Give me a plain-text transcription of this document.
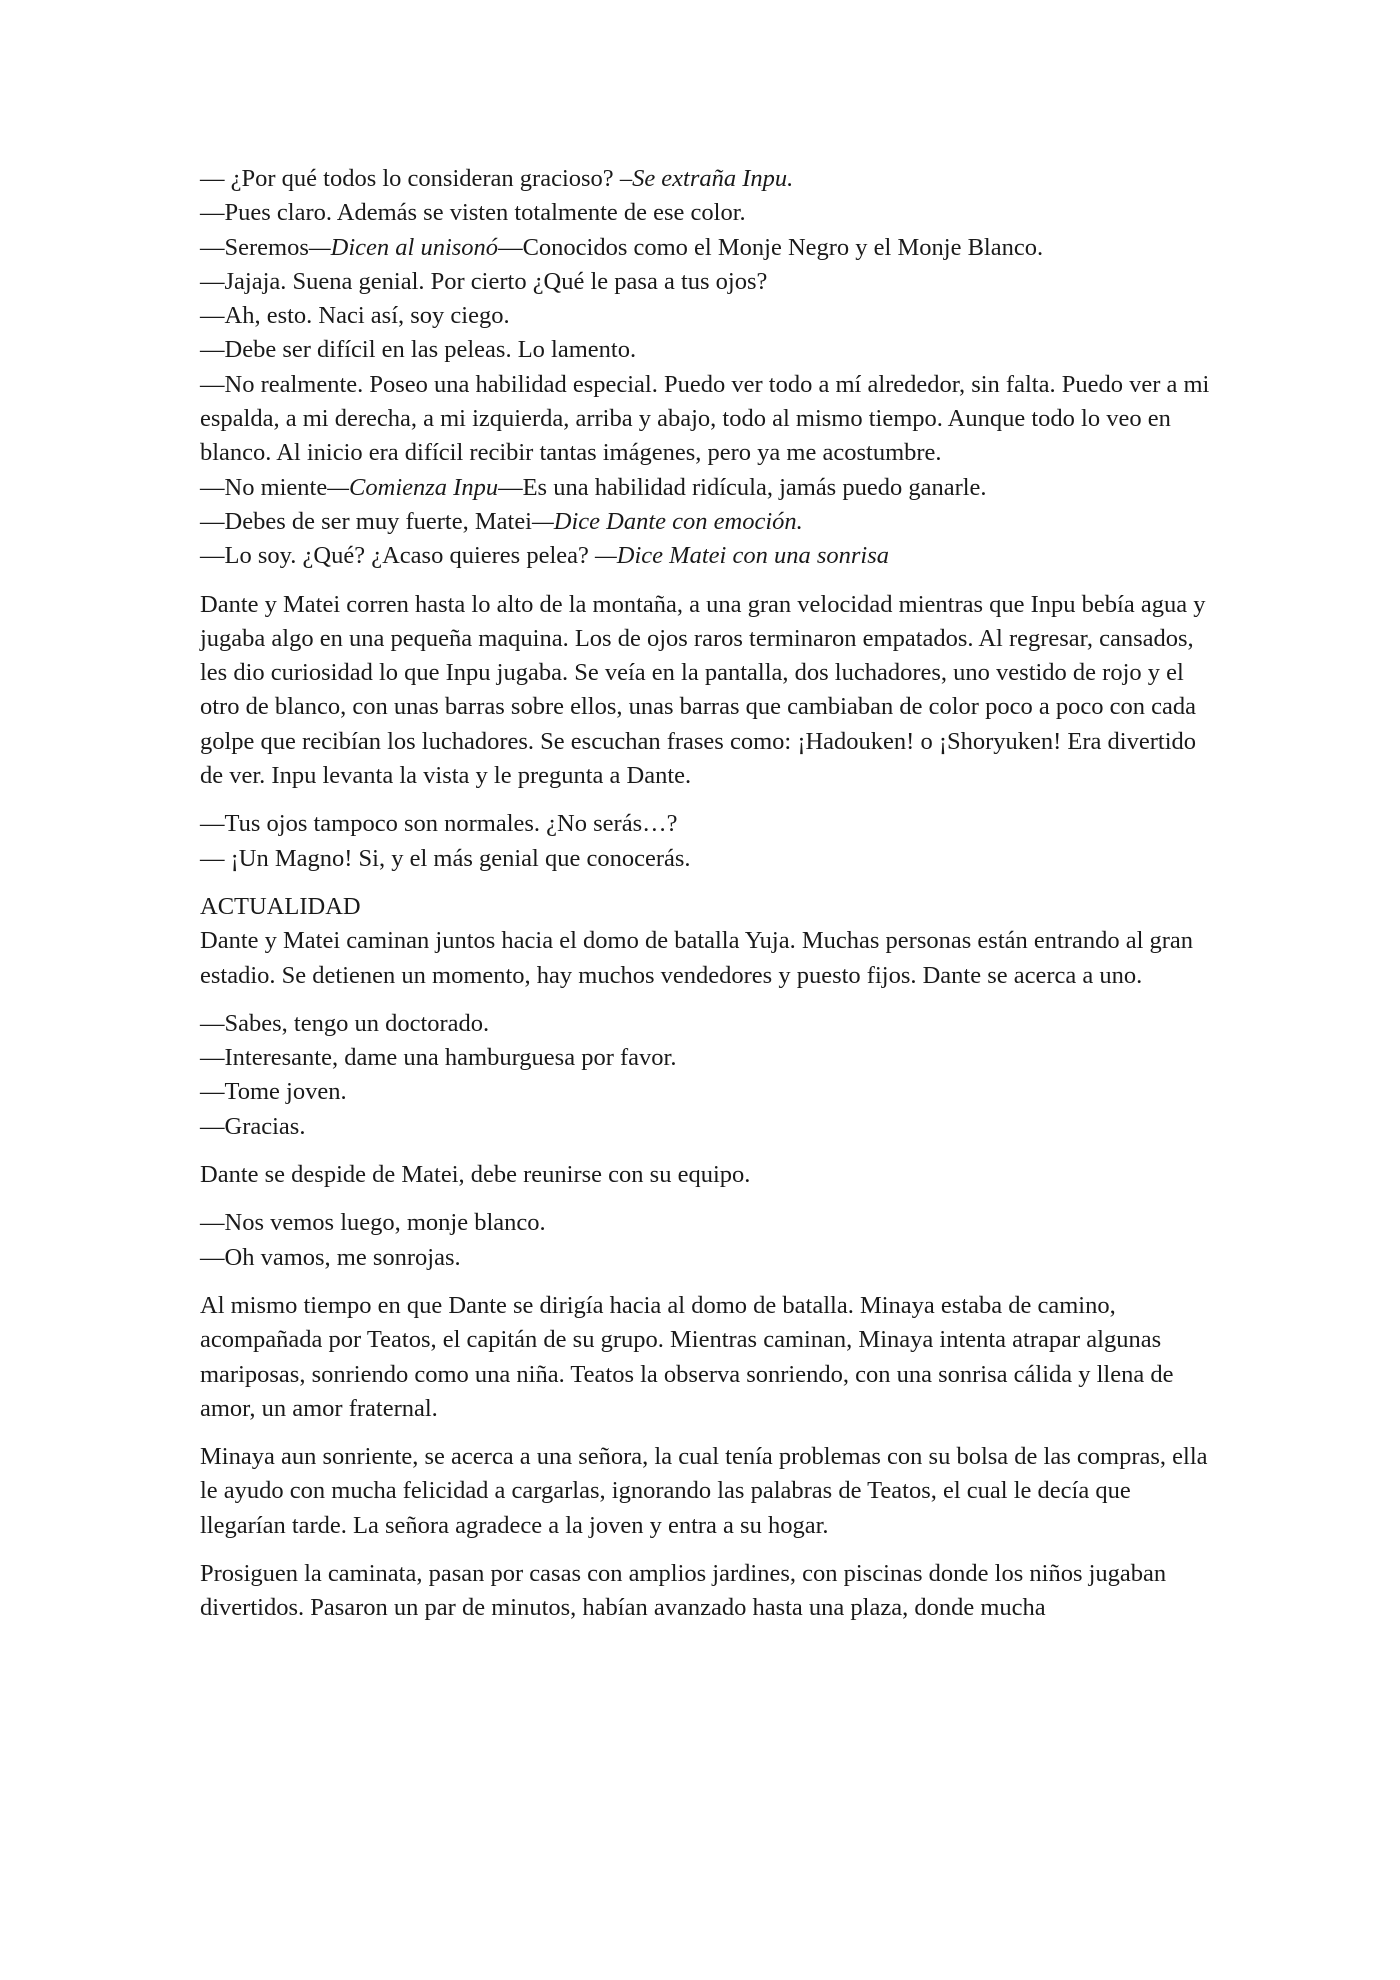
— ¿Por qué todos lo consideran gracioso? –Se extraña Inpu.

—Pues claro. Además se visten totalmente de ese color.

—Seremos—Dicen al unisonó—Conocidos como el Monje Negro y el Monje Blanco.

—Jajaja. Suena genial. Por cierto ¿Qué le pasa a tus ojos?

—Ah, esto. Naci así, soy ciego.

—Debe ser difícil en las peleas. Lo lamento.

—No realmente. Poseo una habilidad especial. Puedo ver todo a mí alrededor, sin falta. Puedo ver a mi espalda, a mi derecha, a mi izquierda, arriba y abajo, todo al mismo tiempo. Aunque todo lo veo en blanco. Al inicio era difícil recibir tantas imágenes, pero ya me acostumbre.

—No miente—Comienza Inpu—Es una habilidad ridícula, jamás puedo ganarle.

—Debes de ser muy fuerte, Matei—Dice Dante con emoción.

—Lo soy. ¿Qué? ¿Acaso quieres pelea? —Dice Matei con una sonrisa

Dante y Matei corren hasta lo alto de la montaña, a una gran velocidad mientras que Inpu bebía agua y jugaba algo en una pequeña maquina. Los de ojos raros terminaron empatados. Al regresar, cansados, les dio curiosidad lo que Inpu jugaba. Se veía en la pantalla, dos luchadores, uno vestido de rojo y el otro de blanco, con unas barras sobre ellos, unas barras que cambiaban de color poco a poco con cada golpe que recibían los luchadores. Se escuchan frases como: ¡Hadouken! o ¡Shoryuken! Era divertido de ver. Inpu levanta la vista y le pregunta a Dante.

—Tus ojos tampoco son normales. ¿No serás…?

— ¡Un Magno! Si, y el más genial que conocerás.

ACTUALIDAD

Dante y Matei caminan juntos hacia el domo de batalla Yuja. Muchas personas están entrando al gran estadio. Se detienen un momento, hay muchos vendedores y puesto fijos. Dante se acerca a uno.

—Sabes, tengo un doctorado.

—Interesante, dame una hamburguesa por favor.

—Tome joven.

—Gracias.

Dante se despide de Matei, debe reunirse con su equipo.

—Nos vemos luego, monje blanco.

—Oh vamos, me sonrojas.

Al mismo tiempo en que Dante se dirigía hacia al domo de batalla. Minaya estaba de camino, acompañada por Teatos, el capitán de su grupo. Mientras caminan, Minaya intenta atrapar algunas mariposas, sonriendo como una niña. Teatos la observa sonriendo, con una sonrisa cálida y llena de amor, un amor fraternal.

Minaya aun sonriente, se acerca a una señora, la cual tenía problemas con su bolsa de las compras, ella le ayudo con mucha felicidad a cargarlas, ignorando las palabras de Teatos, el cual le decía que llegarían tarde. La señora agradece a la joven y entra a su hogar.

Prosiguen la caminata, pasan por casas con amplios jardines, con piscinas donde los niños jugaban divertidos. Pasaron un par de minutos, habían avanzado hasta una plaza, donde mucha
